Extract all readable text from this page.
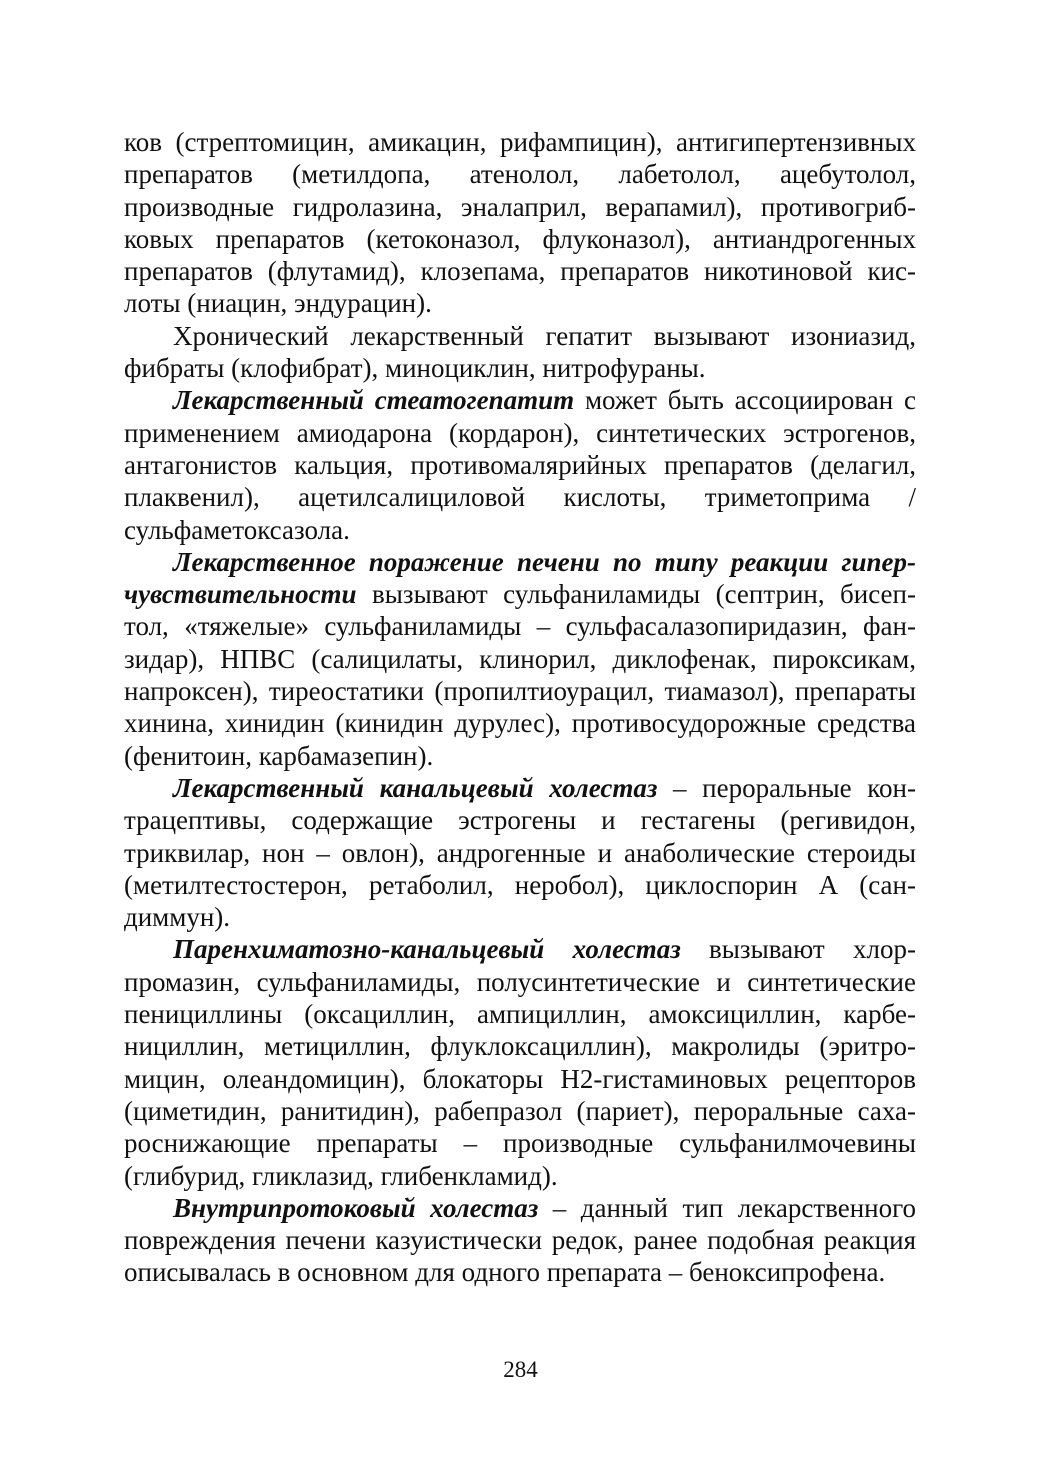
ков (стрептомицин, амикацин, рифампицин), антигипертензивных препаратов (метилдопа, атенолол, лабетолол, ацебутолол, производные гидролазина, эналаприл, верапамил), противогрибковых препаратов (кетоконазол, флуконазол), антиандрогенных препаратов (флутамид), клозепама, препаратов никотиновой кислоты (ниацин, эндурацин).

Хронический лекарственный гепатит вызывают изониазид, фибраты (клофибрат), миноциклин, нитрофураны.

Лекарственный стеатогепатит может быть ассоциирован с применением амиодарона (кордарон), синтетических эстрогенов, антагонистов кальция, противомалярийных препаратов (делагил, плаквенил), ацетилсалициловой кислоты, триметоприма / сульфаметоксазола.

Лекарственное поражение печени по типу реакции гиперчувствительности вызывают сульфаниламиды (септрин, бисептол, «тяжелые» сульфаниламиды – сульфасалазопиридазин, фанзидар), НПВС (салицилаты, клинорил, диклофенак, пироксикам, напроксен), тиреостатики (пропилтиоурацил, тиамазол), препараты хинина, хинидин (кинидин дурулес), противосудорожные средства (фенитоин, карбамазепин).

Лекарственный канальцевый холестаз – пероральные контрацептивы, содержащие эстрогены и гестагены (регивидон, триквилар, нон – овлон), андрогенные и анаболические стероиды (метилтестостерон, ретаболил, неробол), циклоспорин А (сандиммун).

Паренхиматозно-канальцевый холестаз вызывают хлорпромазин, сульфаниламиды, полусинтетические и синтетические пенициллины (оксациллин, ампициллин, амоксициллин, карбенициллин, метициллин, флуклоксациллин), макролиды (эритромицин, олеандомицин), блокаторы Н2-гистаминовых рецепторов (циметидин, ранитидин), рабепразол (париет), пероральные сахароснижающие препараты – производные сульфанилмочевины (глибурид, гликлазид, глибенкламид).

Внутрипротоковый холестаз – данный тип лекарственного повреждения печени казуистически редок, ранее подобная реакция описывалась в основном для одного препарата – беноксипрофена.

284
